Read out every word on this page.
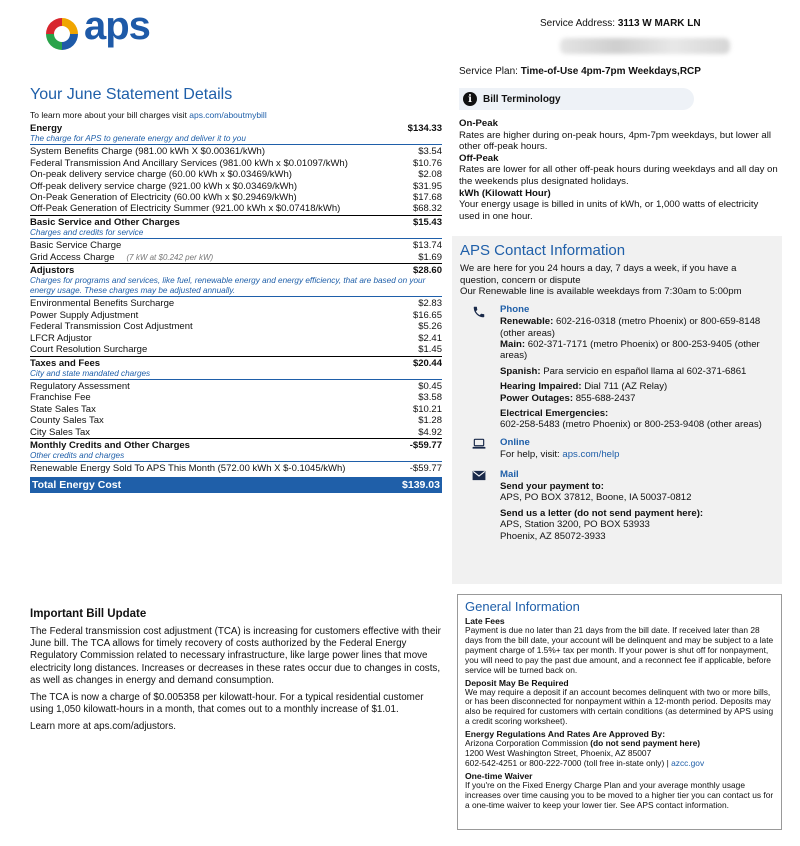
aps	Service Address: 3113 W MARK LN
Service Plan: Time-of-Use 4pm-7pm Weekdays,RCP
Your June Statement Details
To learn more about your bill charges visit aps.com/aboutmybill
Energy	$134.33
The charge for APS to generate energy and deliver it to you
System Benefits Charge (981.00 kWh X $0.00361/kWh)	$3.54
Federal Transmission And Ancillary Services (981.00 kWh x $0.01097/kWh)	$10.76
On-peak delivery service charge (60.00 kWh x $0.03469/kWh)	$2.08
Off-peak delivery service charge (921.00 kWh x $0.03469/kWh)	$31.95
On-Peak Generation of Electricity (60.00 kWh x $0.29469/kWh)	$17.68
Off-Peak Generation of Electricity Summer (921.00 kWh x $0.07418/kWh)	$68.32
Basic Service and Other Charges	$15.43
Charges and credits for service
Basic Service Charge	$13.74
Grid Access Charge	(7 kW at $0.242 per kW)	$1.69
Adjustors	$28.60
Charges for programs and services, like fuel, renewable energy and energy efficiency, that are based on your energy usage. These charges may be adjusted annually.
Environmental Benefits Surcharge	$2.83
Power Supply Adjustment	$16.65
Federal Transmission Cost Adjustment	$5.26
LFCR Adjustor	$2.41
Court Resolution Surcharge	$1.45
Taxes and Fees	$20.44
City and state mandated charges
Regulatory Assessment	$0.45
Franchise Fee	$3.58
State Sales Tax	$10.21
County Sales Tax	$1.28
City Sales Tax	$4.92
Monthly Credits and Other Charges	-$59.77
Other credits and charges
Renewable Energy Sold To APS This Month (572.00 kWh X $-0.1045/kWh)	-$59.77
Total Energy Cost	$139.03
Important Bill Update

The Federal transmission cost adjustment (TCA) is increasing for customers effective with their June bill. The TCA allows for timely recovery of costs authorized by the Federal Energy Regulatory Commission related to necessary infrastructure, like large power lines that move electricity long distances. Increases or decreases in these rates occur due to changes in costs, as well as changes in energy and demand consumption.

The TCA is now a charge of $0.005358 per kilowatt-hour. For a typical residential customer using 1,050 kilowatt-hours in a month, that comes out to a monthly increase of $1.01.

Learn more at aps.com/adjustors.

i	Bill Terminology
On-Peak
Rates are higher during on-peak hours, 4pm-7pm weekdays, but lower all other off-peak hours.
Off-Peak
Rates are lower for all other off-peak hours during weekdays and all day on the weekends plus designated holidays.
kWh (Kilowatt Hour)
Your energy usage is billed in units of kWh, or 1,000 watts of electricity used in one hour.
APS Contact Information
We are here for you 24 hours a day, 7 days a week, if you have a question, concern or dispute
Our Renewable line is available weekdays from 7:30am to 5:00pm
Phone
Renewable: 602-216-0318 (metro Phoenix) or 800-659-8148 (other areas)
Main: 602-371-7171 (metro Phoenix) or 800-253-9405 (other areas)
Spanish: Para servicio en español llama al 602-371-6861
Hearing Impaired: Dial 711 (AZ Relay)
Power Outages: 855-688-2437
Electrical Emergencies:
602-258-5483 (metro Phoenix) or 800-253-9408 (other areas)
Online
For help, visit: aps.com/help
Mail
Send your payment to:
APS, PO BOX 37812, Boone, IA 50037-0812
Send us a letter (do not send payment here):
APS, Station 3200, PO BOX 53933
Phoenix, AZ 85072-3933
General Information
Late Fees

Payment is due no later than 21 days from the bill date. If received later than 28 days from the bill date, your account will be delinquent and may be subject to a late payment charge of 1.5%+ tax per month. If your power is shut off for nonpayment, you will need to pay the past due amount, and a reconnect fee if applicable, before service will be turned back on.

Deposit May Be Required

We may require a deposit if an account becomes delinquent with two or more bills, or has been disconnected for nonpayment within a 12-month period. Deposits may also be required for customers with certain conditions (as determined by APS using a credit scoring worksheet).

Energy Regulations And Rates Are Approved By:

Arizona Corporation Commission (do not send payment here)
1200 West Washington Street, Phoenix, AZ 85007
602-542-4251 or 800-222-7000 (toll free in-state only) | azcc.gov

One-time Waiver

If you're on the Fixed Energy Charge Plan and your average monthly usage increases over time causing you to be moved to a higher tier you can contact us for a one-time waiver to keep your lower tier. See APS contact information.
